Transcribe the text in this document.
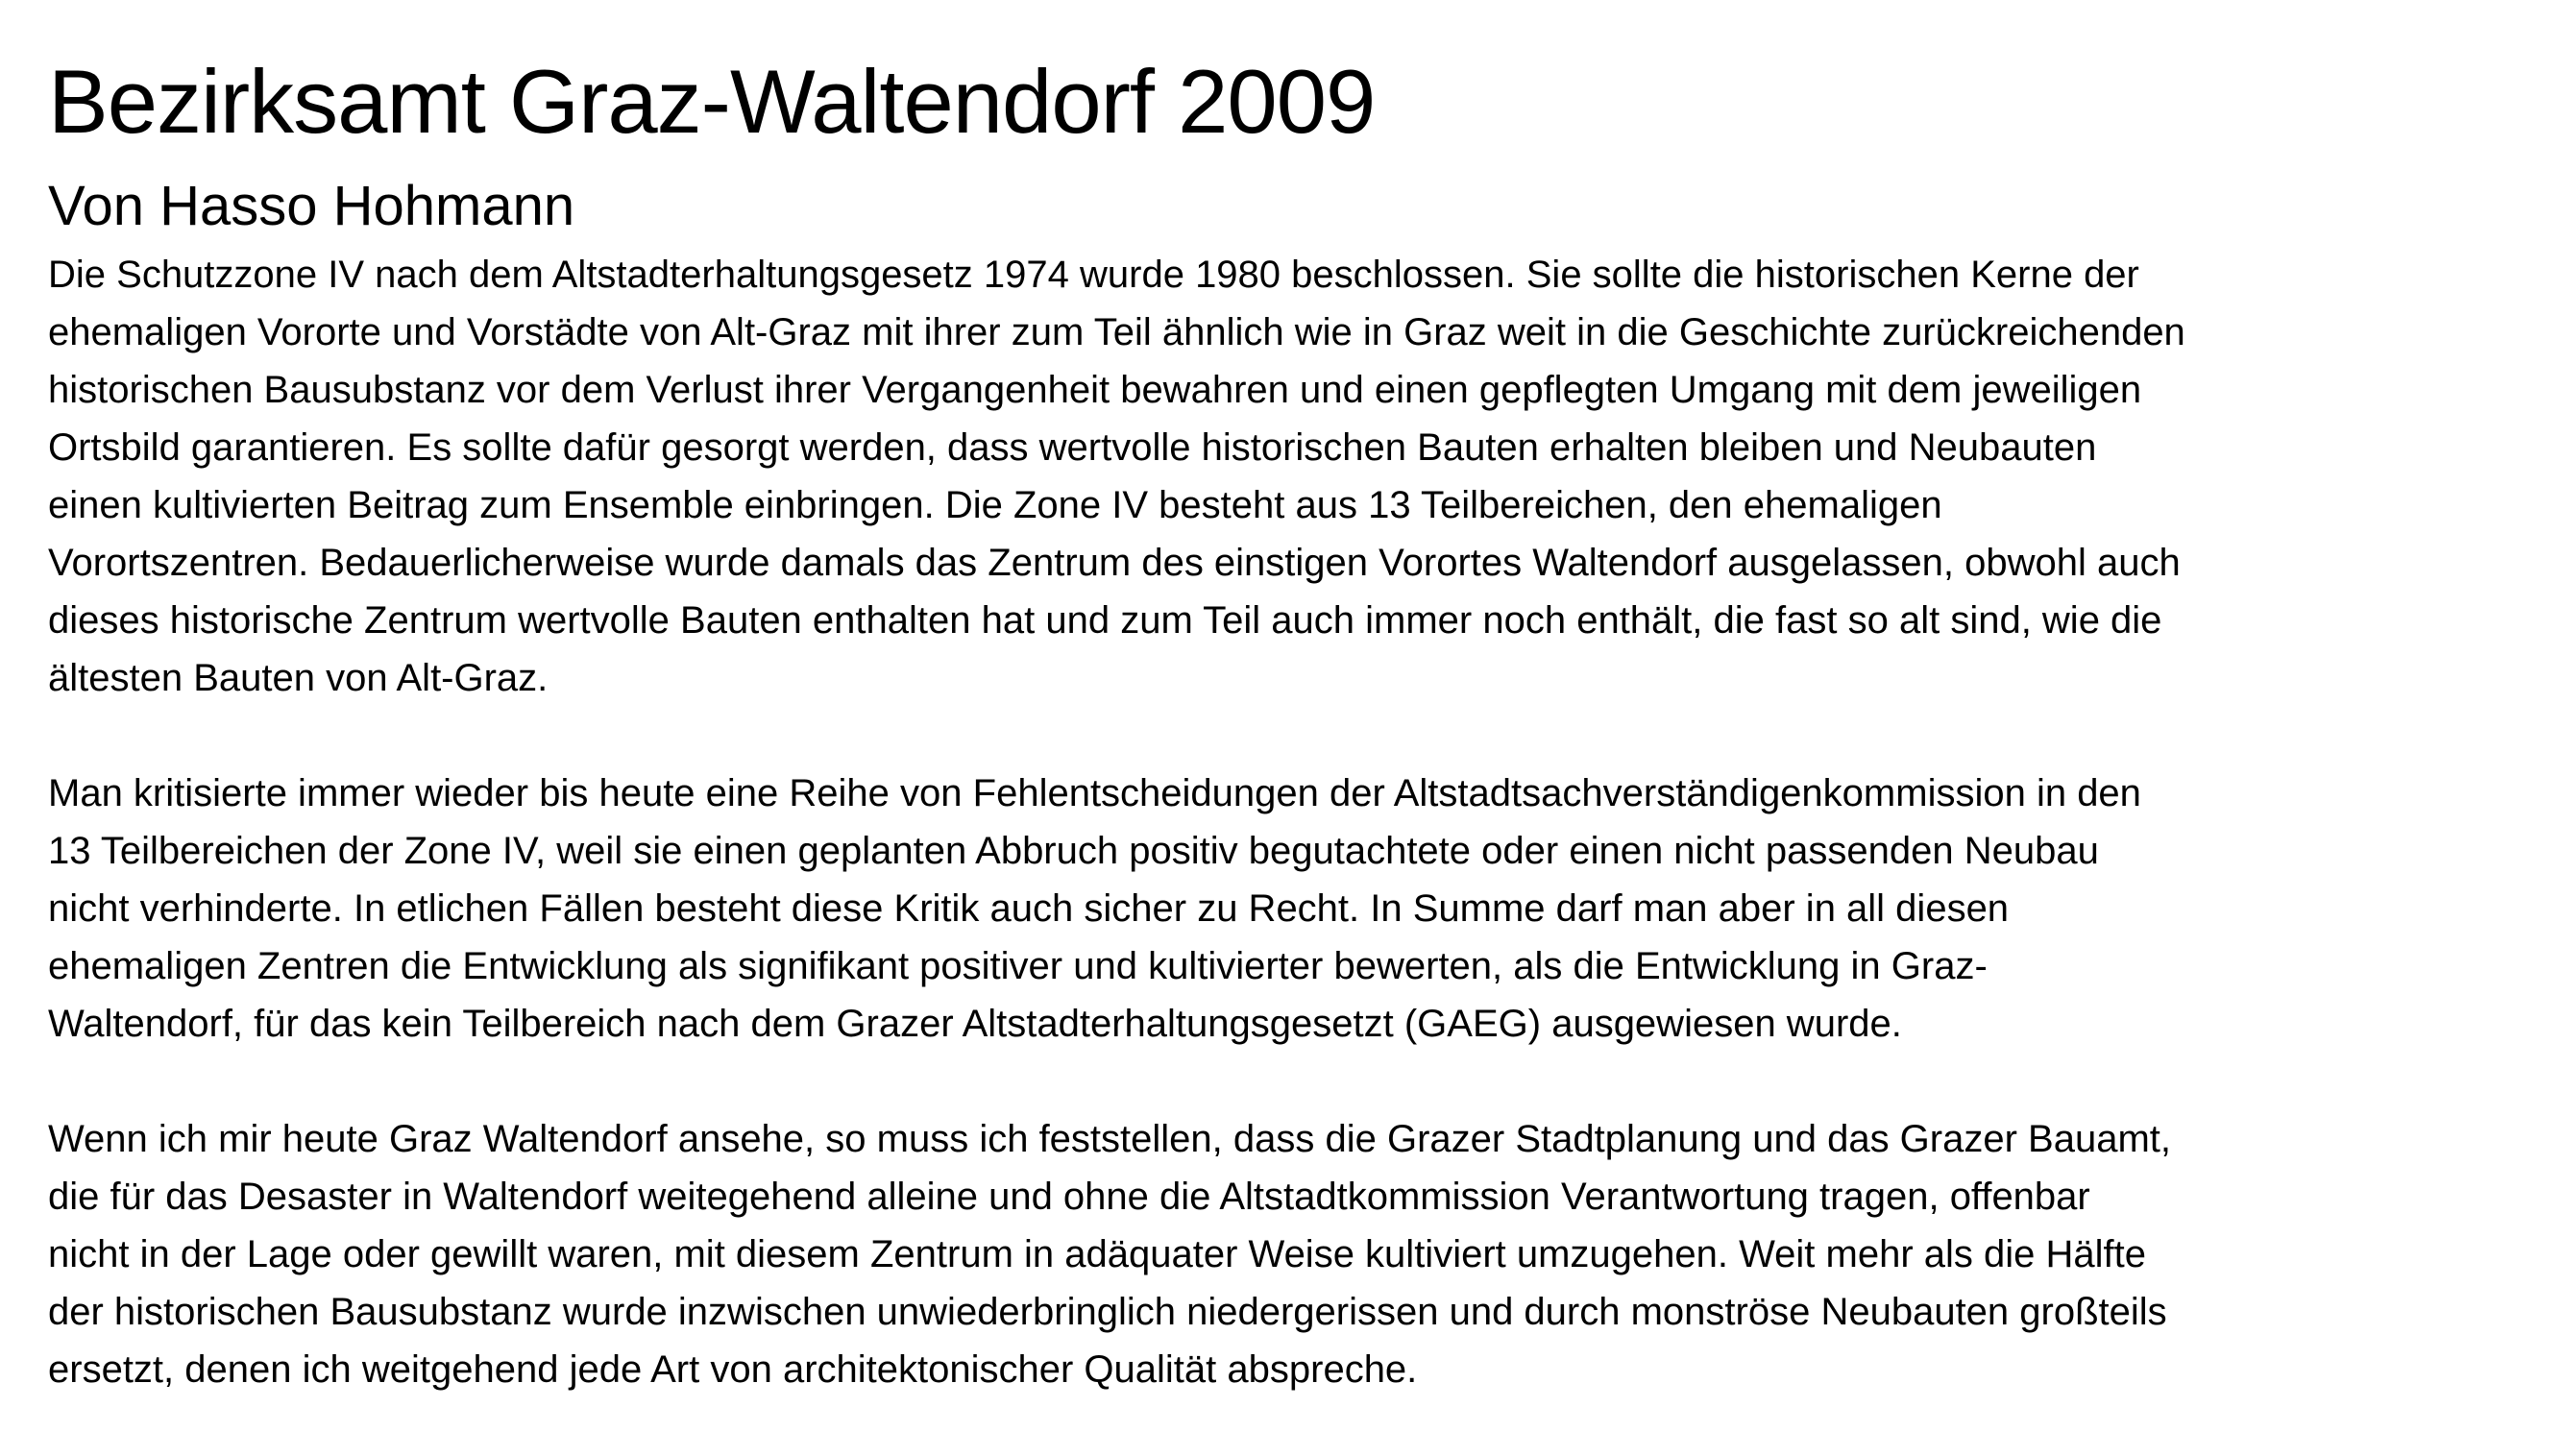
Bezirksamt Graz-Waltendorf 2009
Von Hasso Hohmann

Die Schutzzone IV nach dem Altstadterhaltungsgesetz 1974 wurde 1980 beschlossen. Sie sollte die historischen Kerne der
ehemaligen Vororte und Vorstädte von Alt-Graz mit ihrer zum Teil ähnlich wie in Graz weit in die Geschichte zurückreichenden
historischen Bausubstanz vor dem Verlust ihrer Vergangenheit bewahren und einen gepflegten Umgang mit dem jeweiligen
Ortsbild garantieren. Es sollte dafür gesorgt werden, dass wertvolle historischen Bauten erhalten bleiben und Neubauten
einen kultivierten Beitrag zum Ensemble einbringen. Die Zone IV besteht aus 13 Teilbereichen, den ehemaligen
Vorortszentren. Bedauerlicherweise wurde damals das Zentrum des einstigen Vorortes Waltendorf ausgelassen, obwohl auch
dieses historische Zentrum wertvolle Bauten enthalten hat und zum Teil auch immer noch enthält, die fast so alt sind, wie die
ältesten Bauten von Alt-Graz.

Man kritisierte immer wieder bis heute eine Reihe von Fehlentscheidungen der Altstadtsachverständigenkommission in den
13 Teilbereichen der Zone IV, weil sie einen geplanten Abbruch positiv begutachtete oder einen nicht passenden Neubau
nicht verhinderte. In etlichen Fällen besteht diese Kritik auch sicher zu Recht. In Summe darf man aber in all diesen
ehemaligen Zentren die Entwicklung als signifikant positiver und kultivierter bewerten, als die Entwicklung in Graz-
Waltendorf, für das kein Teilbereich nach dem Grazer Altstadterhaltungsgesetzt (GAEG) ausgewiesen wurde.

Wenn ich mir heute Graz Waltendorf ansehe, so muss ich feststellen, dass die Grazer Stadtplanung und das Grazer Bauamt,
die für das Desaster in Waltendorf weitegehend alleine und ohne die Altstadtkommission Verantwortung tragen, offenbar
nicht in der Lage oder gewillt waren, mit diesem Zentrum in adäquater Weise kultiviert umzugehen. Weit mehr als die Hälfte
der historischen Bausubstanz wurde inzwischen unwiederbringlich niedergerissen und durch monströse Neubauten großteils
ersetzt, denen ich weitgehend jede Art von architektonischer Qualität abspreche.
